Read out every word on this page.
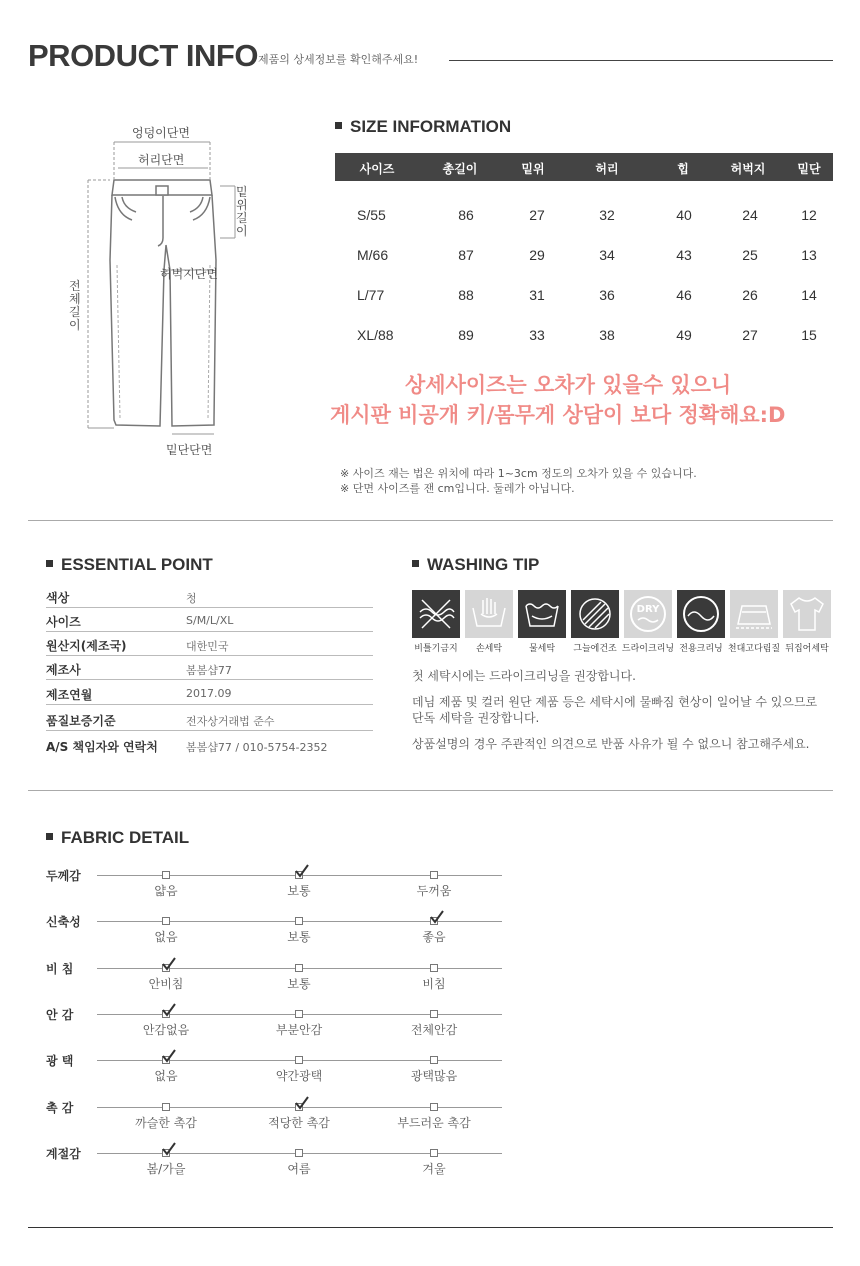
PRODUCT INFO 제품의 상세정보를 확인해주세요!
엉덩이단면
허리단면
밑
위
길
이
허벅지단면
전
체
길
이
밑단단면
SIZE INFORMATION
사이즈	총길이	밑위	허리	힙	허벅지	밑단
S/55	86	27	32	40	24	12
M/66	87	29	34	43	25	13
L/77	88	31	36	46	26	14
XL/88	89	33	38	49	27	15
상세사이즈는 오차가 있을수 있으니
게시판 비공개 키/몸무게 상담이 보다 정확해요:D
※ 사이즈 재는 법은 위치에 따라 1~3cm 정도의 오차가 있을 수 있습니다.
※ 단면 사이즈를 잰 cm입니다. 둘레가 아닙니다.
ESSENTIAL POINT
색상	청
사이즈	S/M/L/XL
원산지(제조국)	대한민국
제조사	봄봄샵77
제조연월	2017.09
품질보증기준	전자상거래법 준수
A/S 책임자와 연락처	봄봄샵77 / 010-5754-2352
WASHING TIP
DRY
비틀기금지 손세탁	물세탁 그늘에건조 드라이크리닝 전용크리닝 천대고다림질 뒤집어세탁
첫 세탁시에는 드라이크리닝을 권장합니다.
데님 제품 및 컬러 원단 제품 등은 세탁시에 물빠짐 현상이 일어날 수 있으므로
단독 세탁을 권장합니다.
상품설명의 경우 주관적인 의견으로 반품 사유가 될 수 없으니 참고해주세요.
FABRIC DETAIL
두께감
얇음	보통	두꺼움
신축성
없음	보통	좋음
비 침
안비침	보통	비침
안 감
안감없음	부분안감	전체안감
광 택
없음	약간광택	광택많음
촉 감
까슬한 촉감	적당한 촉감	부드러운 촉감
계절감
봄/가을	여름	겨울
